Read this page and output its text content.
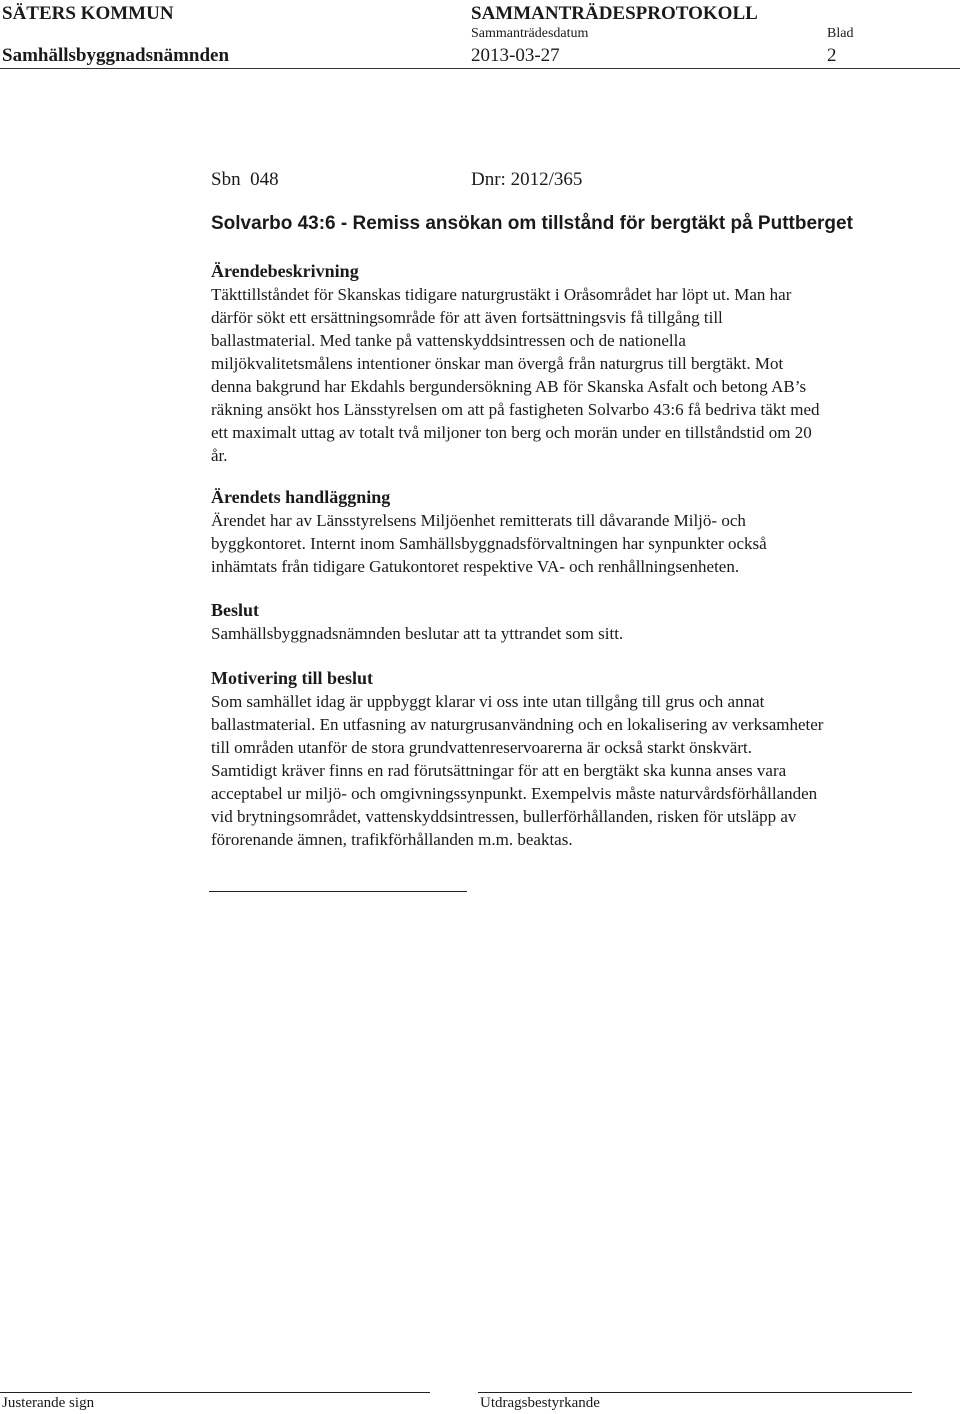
SÄTERS KOMMUN
Samhällsbyggnadsnämnden
SAMMANTRÄDESPROTOKOLL
Sammanträdesdatum
2013-03-27
Blad
2
Sbn  048	Dnr: 2012/365
Solvarbo 43:6 - Remiss ansökan om tillstånd för bergtäkt på Puttberget
Ärendebeskrivning

Täkttillståndet för Skanskas tidigare naturgrustäkt i Oråsområdet har löpt ut. Man har
därför sökt ett ersättningsområde för att även fortsättningsvis få tillgång till
ballastmaterial. Med tanke på vattenskyddsintressen och de nationella
miljökvalitetsmålens intentioner önskar man övergå från naturgrus till bergtäkt. Mot
denna bakgrund har Ekdahls bergundersökning AB för Skanska Asfalt och betong AB’s
räkning ansökt hos Länsstyrelsen om att på fastigheten Solvarbo 43:6 få bedriva täkt med
ett maximalt uttag av totalt två miljoner ton berg och morän under en tillståndstid om 20
år.

Ärendets handläggning

Ärendet har av Länsstyrelsens Miljöenhet remitterats till dåvarande Miljö- och
byggkontoret. Internt inom Samhällsbyggnadsförvaltningen har synpunkter också
inhämtats från tidigare Gatukontoret respektive VA- och renhållningsenheten.

Beslut

Samhällsbyggnadsnämnden beslutar att ta yttrandet som sitt.

Motivering till beslut

Som samhället idag är uppbyggt klarar vi oss inte utan tillgång till grus och annat
ballastmaterial. En utfasning av naturgrusanvändning och en lokalisering av verksamheter
till områden utanför de stora grundvattenreservoarerna är också starkt önskvärt.
Samtidigt kräver finns en rad förutsättningar för att en bergtäkt ska kunna anses vara
acceptabel ur miljö- och omgivningssynpunkt. Exempelvis måste naturvårdsförhållanden
vid brytningsområdet, vattenskyddsintressen, bullerförhållanden, risken för utsläpp av
förorenande ämnen, trafikförhållanden m.m. beaktas.

Justerande sign	Utdragsbestyrkande
